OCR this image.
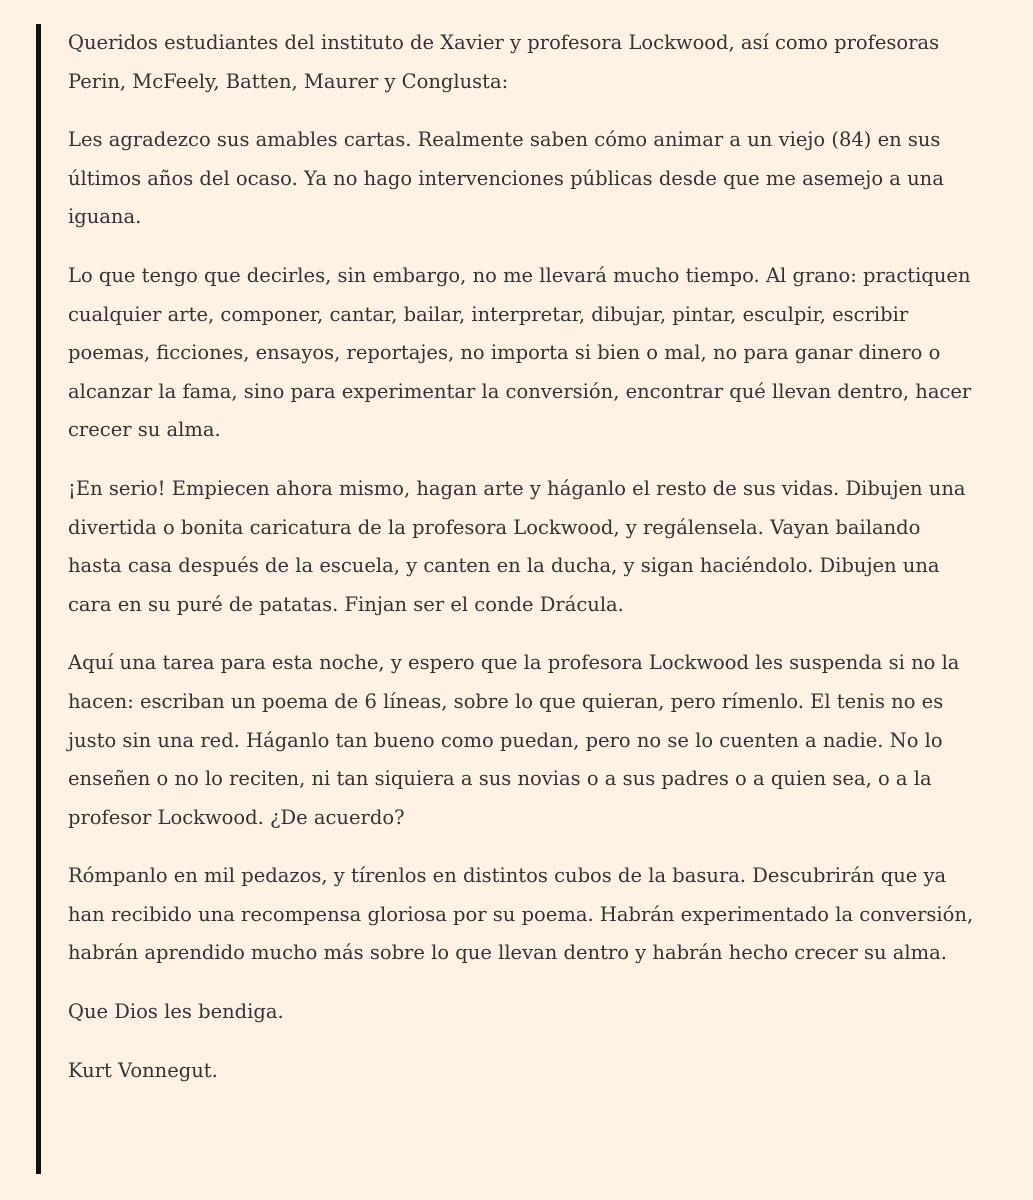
Queridos estudiantes del instituto de Xavier y profesora Lockwood, así como profesoras Perin, McFeely, Batten, Maurer y Conglusta:

Les agradezco sus amables cartas. Realmente saben cómo animar a un viejo (84) en sus últimos años del ocaso. Ya no hago intervenciones públicas desde que me asemejo a una iguana.

Lo que tengo que decirles, sin embargo, no me llevará mucho tiempo. Al grano: practiquen cualquier arte, componer, cantar, bailar, interpretar, dibujar, pintar, esculpir, escribir poemas, ficciones, ensayos, reportajes, no importa si bien o mal, no para ganar dinero o alcanzar la fama, sino para experimentar la conversión, encontrar qué llevan dentro, hacer crecer su alma.

¡En serio! Empiecen ahora mismo, hagan arte y háganlo el resto de sus vidas. Dibujen una divertida o bonita caricatura de la profesora Lockwood, y regálensela. Vayan bailando hasta casa después de la escuela, y canten en la ducha, y sigan haciéndolo. Dibujen una cara en su puré de patatas. Finjan ser el conde Drácula.

Aquí una tarea para esta noche, y espero que la profesora Lockwood les suspenda si no la hacen: escriban un poema de 6 líneas, sobre lo que quieran, pero rímenlo. El tenis no es justo sin una red. Háganlo tan bueno como puedan, pero no se lo cuenten a nadie. No lo enseñen o no lo reciten, ni tan siquiera a sus novias o a sus padres o a quien sea, o a la profesor Lockwood. ¿De acuerdo?

Rómpanlo en mil pedazos, y tírenlos en distintos cubos de la basura. Descubrirán que ya han recibido una recompensa gloriosa por su poema. Habrán experimentado la conversión, habrán aprendido mucho más sobre lo que llevan dentro y habrán hecho crecer su alma.

Que Dios les bendiga.

Kurt Vonnegut.
